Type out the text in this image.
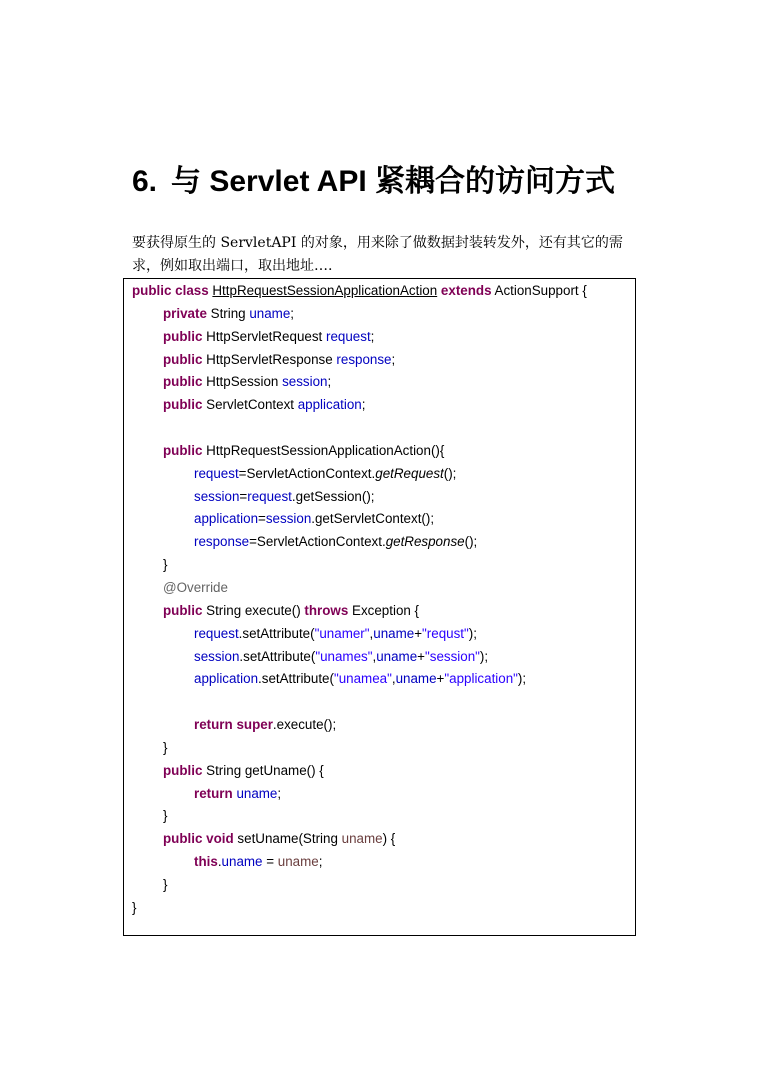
6. 与 Servlet API 紧耦合的访问方式

要获得原生的 ServletAPI 的对象，用来除了做数据封装转发外，还有其它的需求，例如取出端口，取出地址….

public class HttpRequestSessionApplicationAction extends ActionSupport {
private String uname;
public HttpServletRequest request;
public HttpServletResponse response;
public HttpSession session;
public ServletContext application;
public HttpRequestSessionApplicationAction(){
request=ServletActionContext.getRequest();
session=request.getSession();
application=session.getServletContext();
response=ServletActionContext.getResponse();
}
@Override
public String execute() throws Exception {
request.setAttribute("unamer",uname+"requst");
session.setAttribute("unames",uname+"session");
application.setAttribute("unamea",uname+"application");
return super.execute();
}
public String getUname() {
return uname;
}
public void setUname(String uname) {
this.uname = uname;
}
}
